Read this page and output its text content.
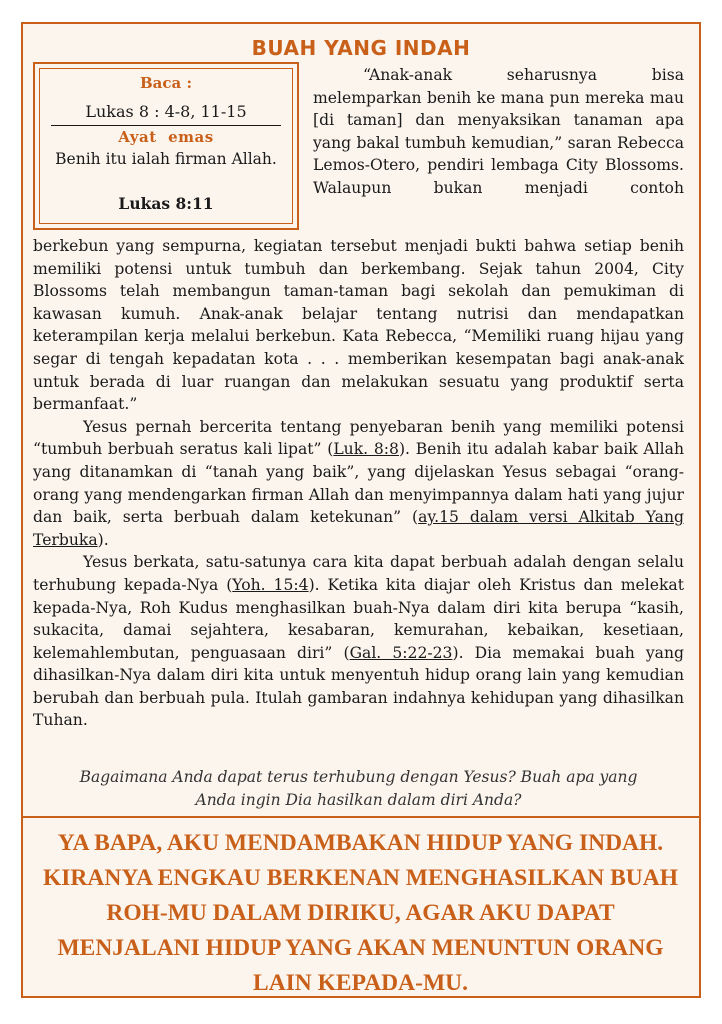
BUAH YANG INDAH
Baca :
Lukas 8 : 4-8, 11-15
Ayat  emas
Benih itu ialah firman Allah.
Lukas 8:11

“Anak-anak seharusnya bisa melemparkan benih ke mana pun mereka mau [di taman] dan menyaksikan tanaman apa yang bakal tumbuh kemudian,” saran Rebecca Lemos-Otero, pendiri lembaga City Blossoms. Walaupun bukan menjadi contoh

berkebun yang sempurna, kegiatan tersebut menjadi bukti bahwa setiap benih memiliki potensi untuk tumbuh dan berkembang. Sejak tahun 2004, City Blossoms telah membangun taman-taman bagi sekolah dan pemukiman di kawasan kumuh. Anak-anak belajar tentang nutrisi dan mendapatkan keterampilan kerja melalui berkebun. Kata Rebecca, “Memiliki ruang hijau yang segar di tengah kepadatan kota . . . memberikan kesempatan bagi anak-anak untuk berada di luar ruangan dan melakukan sesuatu yang produktif serta bermanfaat.”

Yesus pernah bercerita tentang penyebaran benih yang memiliki potensi “tumbuh berbuah seratus kali lipat” (Luk. 8:8). Benih itu adalah kabar baik Allah yang ditanamkan di “tanah yang baik”, yang dijelaskan Yesus sebagai “orang-orang yang mendengarkan firman Allah dan menyimpannya dalam hati yang jujur dan baik, serta berbuah dalam ketekunan” (ay.15 dalam versi Alkitab Yang Terbuka).

Yesus berkata, satu-satunya cara kita dapat berbuah adalah dengan selalu terhubung kepada-Nya (Yoh. 15:4). Ketika kita diajar oleh Kristus dan melekat kepada-Nya, Roh Kudus menghasilkan buah-Nya dalam diri kita berupa “kasih, sukacita, damai sejahtera, kesabaran, kemurahan, kebaikan, kesetiaan, kelemahlembutan, penguasaan diri” (Gal. 5:22-23). Dia memakai buah yang dihasilkan-Nya dalam diri kita untuk menyentuh hidup orang lain yang kemudian berubah dan berbuah pula. Itulah gambaran indahnya kehidupan yang dihasilkan Tuhan.

Bagaimana Anda dapat terus terhubung dengan Yesus? Buah apa yang
Anda ingin Dia hasilkan dalam diri Anda?

YA BAPA, AKU MENDAMBAKAN HIDUP YANG INDAH. KIRANYA ENGKAU BERKENAN MENGHASILKAN BUAH ROH-MU DALAM DIRIKU, AGAR AKU DAPAT MENJALANI HIDUP YANG AKAN MENUNTUN ORANG LAIN KEPADA-MU.
